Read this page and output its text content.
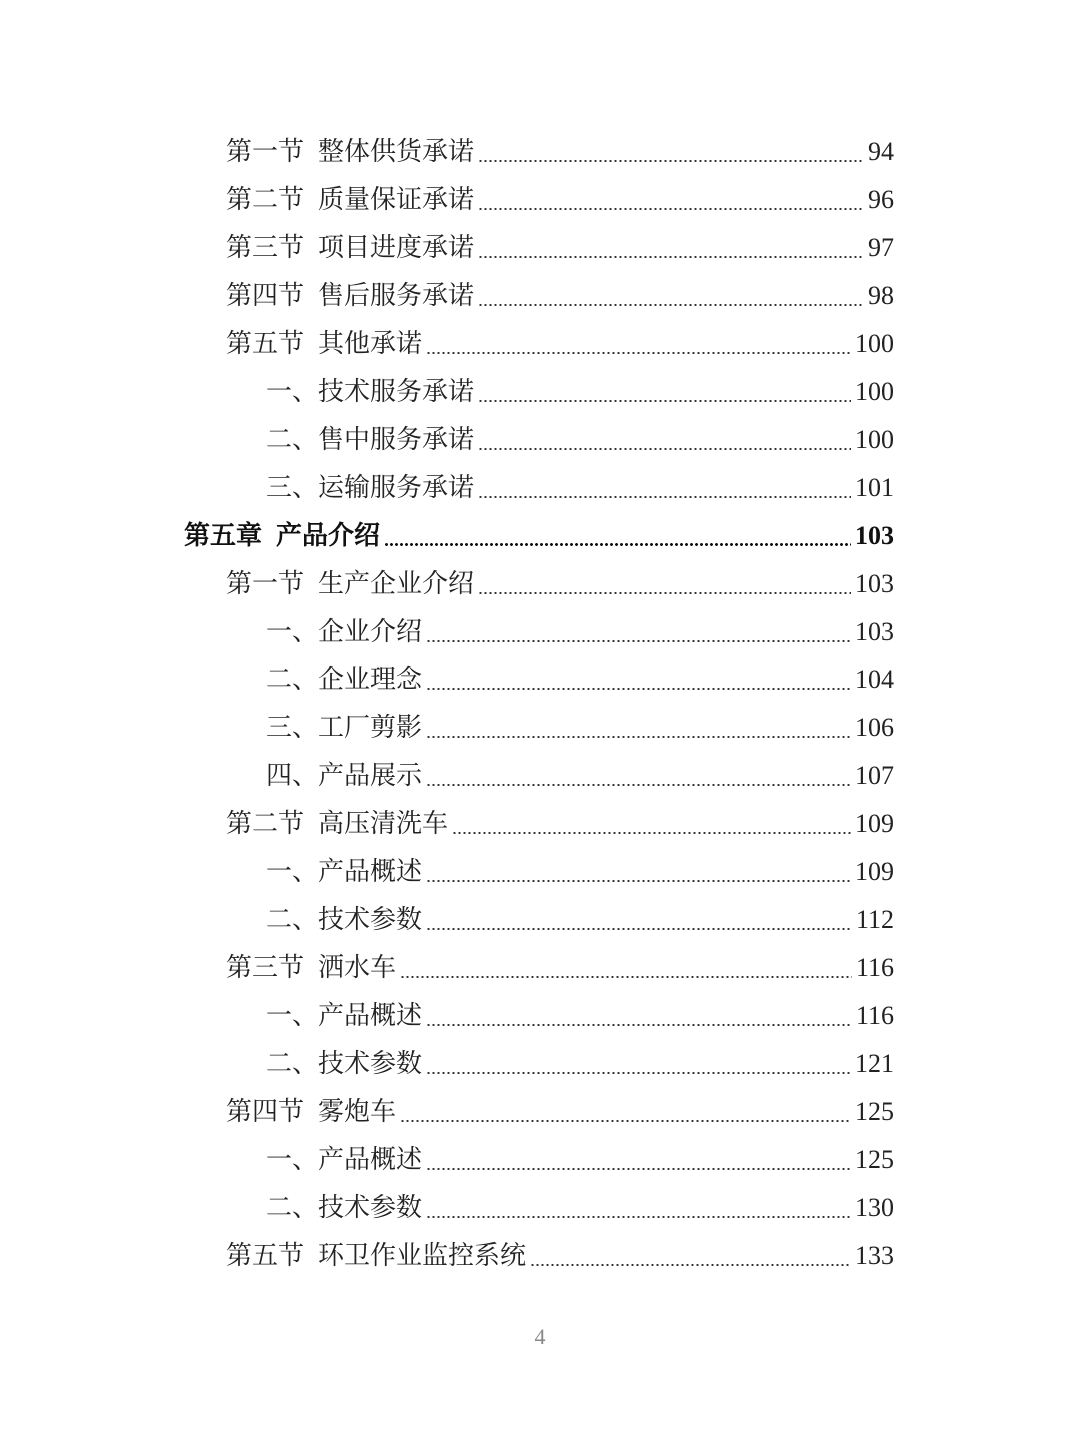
第一节 整体供货承诺	94
第二节 质量保证承诺	96
第三节 项目进度承诺	97
第四节 售后服务承诺	98
第五节 其他承诺	100
一、技术服务承诺	100
二、售中服务承诺	100
三、运输服务承诺	101
第五章 产品介绍	103
第一节 生产企业介绍	103
一、企业介绍	103
二、企业理念	104
三、工厂剪影	106
四、产品展示	107
第二节 高压清洗车	109
一、产品概述	109
二、技术参数	112
第三节 洒水车	116
一、产品概述	116
二、技术参数	121
第四节 雾炮车	125
一、产品概述	125
二、技术参数	130
第五节 环卫作业监控系统	133
4
